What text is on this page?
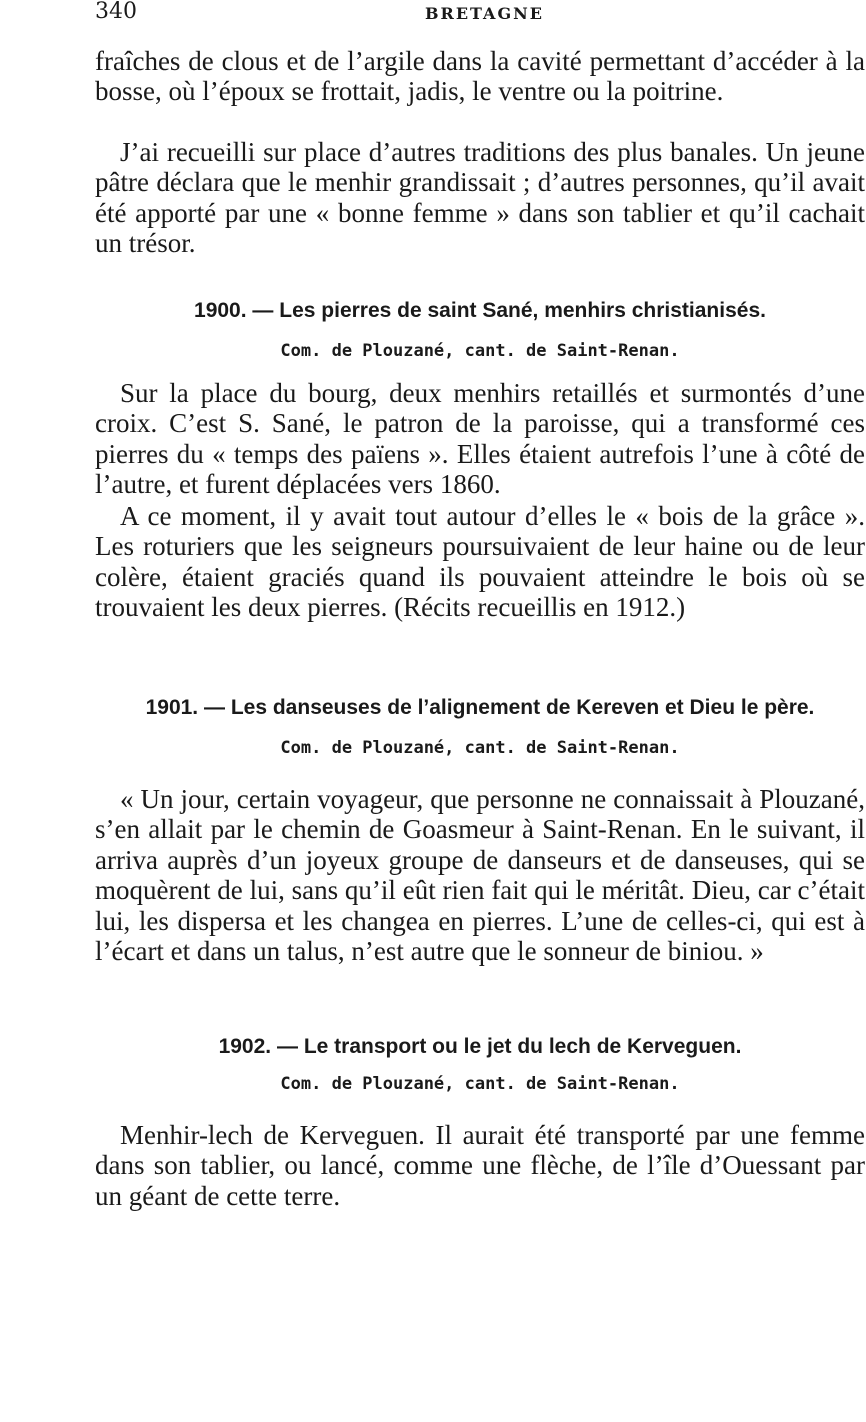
340	BRETAGNE

fraîches de clous et de l’argile dans la cavité permettant d’accéder à la bosse, où l’époux se frottait, jadis, le ventre ou la poitrine.

J’ai recueilli sur place d’autres traditions des plus banales. Un jeune pâtre déclara que le menhir grandissait ; d’autres personnes, qu’il avait été apporté par une « bonne femme » dans son tablier et qu’il cachait un trésor.

1900. — Les pierres de saint Sané, menhirs christianisés.

Com. de Plouzané, cant. de Saint-Renan.

Sur la place du bourg, deux menhirs retaillés et surmontés d’une croix. C’est S. Sané, le patron de la paroisse, qui a transformé ces pierres du « temps des païens ». Elles étaient autrefois l’une à côté de l’autre, et furent déplacées vers 1860.

A ce moment, il y avait tout autour d’elles le « bois de la grâce ». Les roturiers que les seigneurs poursuivaient de leur haine ou de leur colère, étaient graciés quand ils pouvaient atteindre le bois où se trouvaient les deux pierres. (Récits recueillis en 1912.)

1901. — Les danseuses de l’alignement de Kereven et Dieu le père.

Com. de Plouzané, cant. de Saint-Renan.

« Un jour, certain voyageur, que personne ne connaissait à Plouzané, s’en allait par le chemin de Goasmeur à Saint-Renan. En le suivant, il arriva auprès d’un joyeux groupe de danseurs et de danseuses, qui se moquèrent de lui, sans qu’il eût rien fait qui le méritât. Dieu, car c’était lui, les dispersa et les changea en pierres. L’une de celles-ci, qui est à l’écart et dans un talus, n’est autre que le sonneur de biniou. »

1902. — Le transport ou le jet du lech de Kerveguen.

Com. de Plouzané, cant. de Saint-Renan.

Menhir-lech de Kerveguen. Il aurait été transporté par une femme dans son tablier, ou lancé, comme une flèche, de l’île d’Ouessant par un géant de cette terre.
